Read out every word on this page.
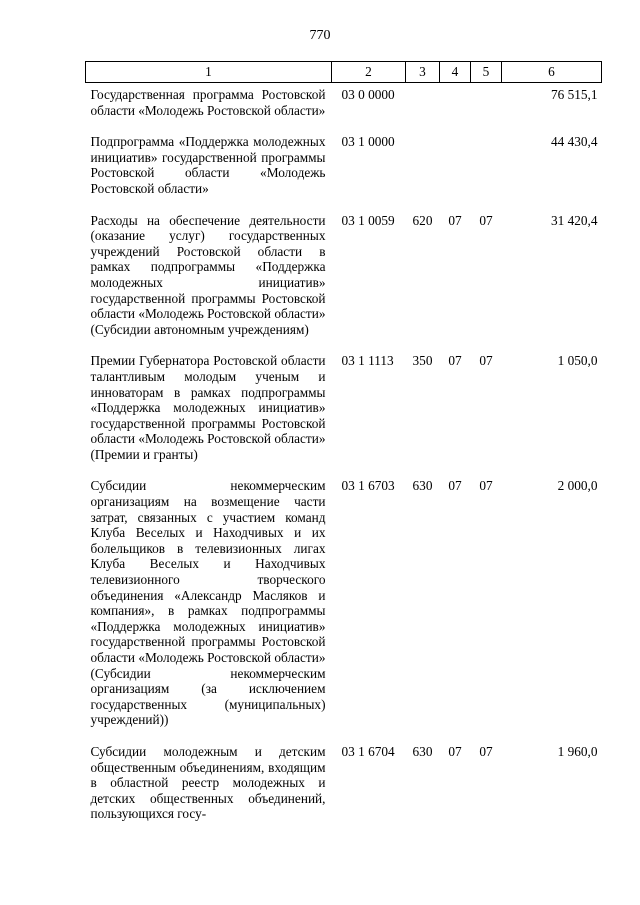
770
1	2	3	4	5	6
Государственная программа Ростовской области «Молодежь Ростовской области»	03 0 0000				76 515,1
Подпрограмма «Поддержка молодежных инициатив» государственной программы Ростовской области «Молодежь Ростовской области»	03 1 0000				44 430,4
Расходы на обеспечение деятельности (оказание услуг) государственных учреждений Ростовской области в рамках подпрограммы «Поддержка молодежных инициатив» государственной программы Ростовской области «Молодежь Ростовской области» (Субсидии автономным учреждениям)	03 1 0059	620	07	07	31 420,4
Премии Губернатора Ростовской области талантливым молодым ученым и инноваторам в рамках подпрограммы «Поддержка молодежных инициатив» государственной программы Ростовской области «Молодежь Ростовской области» (Премии и гранты)	03 1 1113	350	07	07	1 050,0
Субсидии некоммерческим организациям на возмещение части затрат, связанных с участием команд Клуба Веселых и Находчивых и их болельщиков в телевизионных лигах Клуба Веселых и Находчивых телевизионного творческого объединения «Александр Масляков и компания», в рамках подпрограммы «Поддержка молодежных инициатив» государственной программы Ростовской области «Молодежь Ростовской области» (Субсидии некоммерческим организациям (за исключением государственных (муниципальных) учреждений))	03 1 6703	630	07	07	2 000,0
Субсидии молодежным и детским общественным объединениям, входящим в областной реестр молодежных и детских общественных объединений, пользующихся госу-	03 1 6704	630	07	07	1 960,0
